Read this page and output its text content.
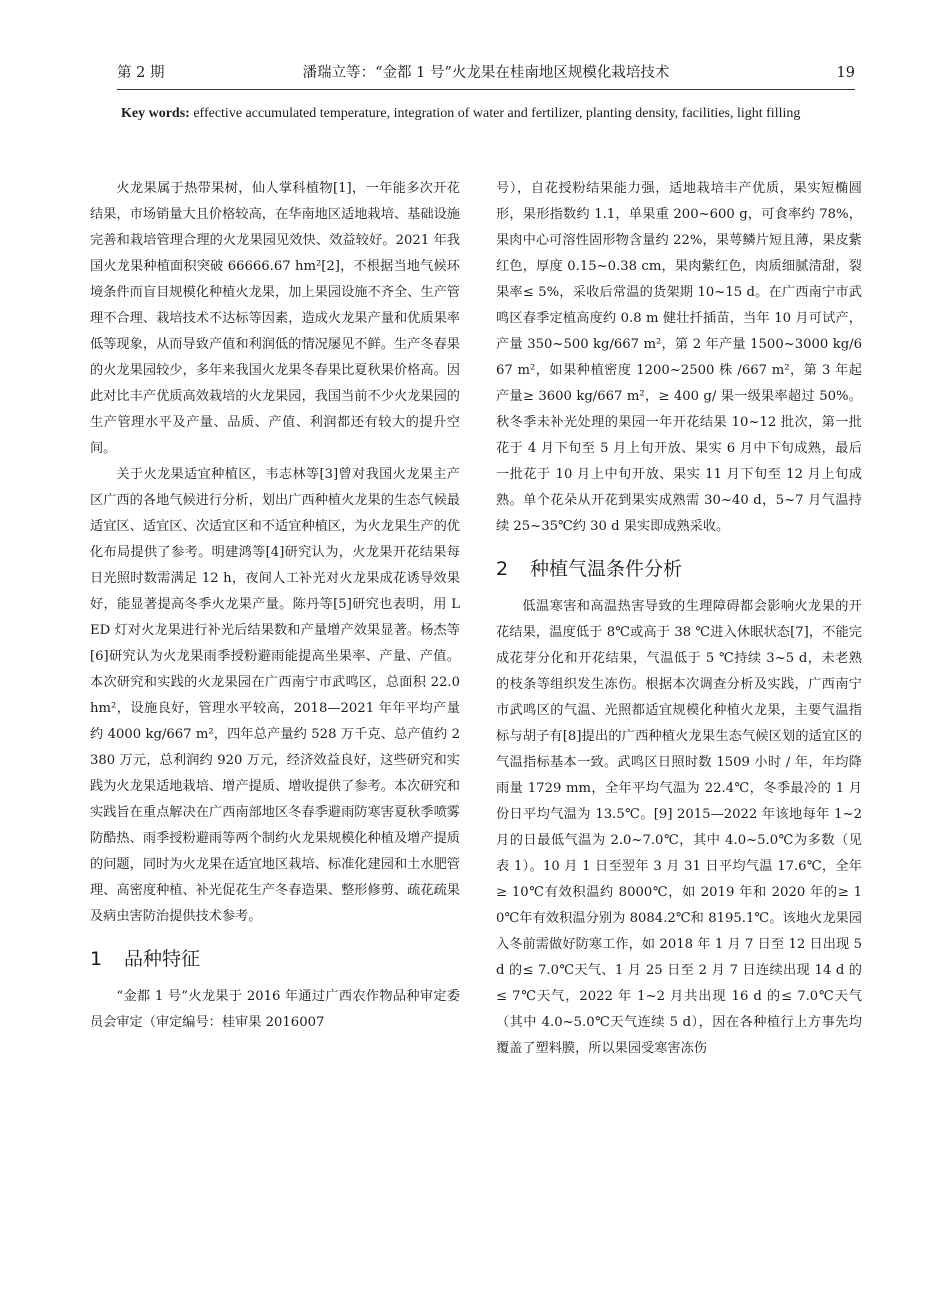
第 2 期	潘瑞立等：“金都 1 号”火龙果在桂南地区规模化栽培技术	19
Key words: effective accumulated temperature, integration of water and fertilizer, planting density, facilities, light filling

火龙果属于热带果树，仙人掌科植物[1]，一年能多次开花结果，市场销量大且价格较高，在华南地区适地栽培、基础设施完善和栽培管理合理的火龙果园见效快、效益较好。2021 年我国火龙果种植面积突破 66666.67 hm²[2]，不根据当地气候环境条件而盲目规模化种植火龙果，加上果园设施不齐全、生产管理不合理、栽培技术不达标等因素，造成火龙果产量和优质果率低等现象，从而导致产值和利润低的情况屡见不鲜。生产冬春果的火龙果园较少，多年来我国火龙果冬春果比夏秋果价格高。因此对比丰产优质高效栽培的火龙果园，我国当前不少火龙果园的生产管理水平及产量、品质、产值、利润都还有较大的提升空间。

关于火龙果适宜种植区，韦志林等[3]曾对我国火龙果主产区广西的各地气候进行分析，划出广西种植火龙果的生态气候最适宜区、适宜区、次适宜区和不适宜种植区，为火龙果生产的优化布局提供了参考。明建鸿等[4]研究认为，火龙果开花结果每日光照时数需满足 12 h，夜间人工补光对火龙果成花诱导效果好，能显著提高冬季火龙果产量。陈丹等[5]研究也表明，用 LED 灯对火龙果进行补光后结果数和产量增产效果显著。杨杰等[6]研究认为火龙果雨季授粉避雨能提高坐果率、产量、产值。本次研究和实践的火龙果园在广西南宁市武鸣区，总面积 22.0 hm²，设施良好，管理水平较高，2018—2021 年年平均产量约 4000 kg/667 m²，四年总产量约 528 万千克、总产值约 2380 万元，总利润约 920 万元，经济效益良好，这些研究和实践为火龙果适地栽培、增产提质、增收提供了参考。本次研究和实践旨在重点解决在广西南部地区冬春季避雨防寒害夏秋季喷雾防酷热、雨季授粉避雨等两个制约火龙果规模化种植及增产提质的问题，同时为火龙果在适宜地区栽培、标准化建园和土水肥管理、高密度种植、补光促花生产冬春造果、整形修剪、疏花疏果及病虫害防治提供技术参考。

1 品种特征

“金都 1 号”火龙果于 2016 年通过广西农作物品种审定委员会审定（审定编号：桂审果 2016007

号），自花授粉结果能力强，适地栽培丰产优质，果实短椭圆形，果形指数约 1.1，单果重 200~600 g，可食率约 78%，果肉中心可溶性固形物含量约 22%，果萼鳞片短且薄，果皮紫红色，厚度 0.15~0.38 cm，果肉紫红色，肉质细腻清甜，裂果率≤ 5%，采收后常温的货架期 10~15 d。在广西南宁市武鸣区春季定植高度约 0.8 m 健壮扦插苗，当年 10 月可试产，产量 350~500 kg/667 m²，第 2 年产量 1500~3000 kg/667 m²，如果种植密度 1200~2500 株 /667 m²，第 3 年起产量≥ 3600 kg/667 m²，≥ 400 g/ 果一级果率超过 50%。秋冬季未补光处理的果园一年开花结果 10~12 批次，第一批花于 4 月下旬至 5 月上旬开放、果实 6 月中下旬成熟，最后一批花于 10 月上中旬开放、果实 11 月下旬至 12 月上旬成熟。单个花朵从开花到果实成熟需 30~40 d，5~7 月气温持续 25~35℃约 30 d 果实即成熟采收。

2 种植气温条件分析

低温寒害和高温热害导致的生理障碍都会影响火龙果的开花结果，温度低于 8℃或高于 38 ℃进入休眠状态[7]，不能完成花芽分化和开花结果，气温低于 5 ℃持续 3~5 d，未老熟的枝条等组织发生冻伤。根据本次调查分析及实践，广西南宁市武鸣区的气温、光照都适宜规模化种植火龙果，主要气温指标与胡子有[8]提出的广西种植火龙果生态气候区划的适宜区的气温指标基本一致。武鸣区日照时数 1509 小时 / 年，年均降雨量 1729 mm，全年平均气温为 22.4℃，冬季最冷的 1 月份日平均气温为 13.5℃。[9] 2015—2022 年该地每年 1~2 月的日最低气温为 2.0~7.0℃，其中 4.0~5.0℃为多数（见表 1）。10 月 1 日至翌年 3 月 31 日平均气温 17.6℃，全年≥ 10℃有效积温约 8000℃，如 2019 年和 2020 年的≥ 10℃年有效积温分别为 8084.2℃和 8195.1℃。该地火龙果园入冬前需做好防寒工作，如 2018 年 1 月 7 日至 12 日出现 5 d 的≤ 7.0℃天气、1 月 25 日至 2 月 7 日连续出现 14 d 的≤ 7℃天气，2022 年 1~2 月共出现 16 d 的≤ 7.0℃天气（其中 4.0~5.0℃天气连续 5 d），因在各种植行上方事先均覆盖了塑料膜，所以果园受寒害冻伤
